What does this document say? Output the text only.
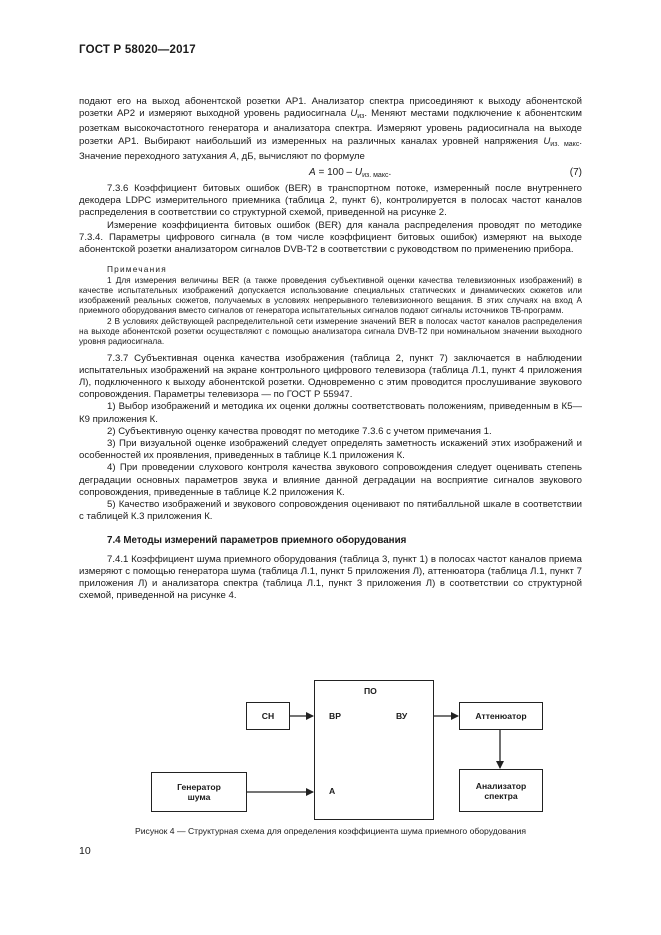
ГОСТ Р 58020—2017

подают его на выход абонентской розетки АР1. Анализатор спектра присоединяют к выходу абонентской розетки АР2 и измеряют выходной уровень радиосигнала $U_{из}$. Меняют местами подключение к абонентским розеткам высокочастотного генератора и анализатора спектра. Измеряют уровень радиосигнала на выходе розетки АР1. Выбирают наибольший из измеренных на различных каналах уровней напряжения $U_{из. макс}$. Значение переходного затухания А, дБ, вычисляют по формуле

$А = 100 - U_{из. макс}$.	(7)

7.3.6 Коэффициент битовых ошибок (BER) в транспортном потоке, измеренный после внутреннего декодера LDPC измерительного приемника (таблица 2, пункт 6), контролируется в полосах частот каналов распределения в соответствии со структурной схемой, приведенной на рисунке 2.

Измерение коэффициента битовых ошибок (BER) для канала распределения проводят по методике 7.3.4. Параметры цифрового сигнала (в том числе коэффициент битовых ошибок) измеряют на выходе абонентской розетки анализатором сигналов DVB-T2 в соответствии с руководством по применению прибора.

Примечания

1 Для измерения величины BER (а также проведения субъективной оценки качества телевизионных изображений) в качестве испытательных изображений допускается использование специальных статических и динамических сюжетов или изображений реальных сюжетов, получаемых в условиях непрерывного телевизионного вещания. В этих случаях на вход А приемного оборудования вместо сигналов от генератора испытательных сигналов подают сигналы источников ТВ-программ.

2 В условиях действующей распределительной сети измерение значений BER в полосах частот каналов распределения на выходе абонентской розетки осуществляют с помощью анализатора сигнала DVB-T2 при номинальном значении выходного уровня радиосигнала.

7.3.7 Субъективная оценка качества изображения (таблица 2, пункт 7) заключается в наблюдении испытательных изображений на экране контрольного цифрового телевизора (таблица Л.1, пункт 4 приложения Л), подключенного к выходу абонентской розетки. Одновременно с этим проводится прослушивание звукового сопровождения. Параметры телевизора — по ГОСТ Р 55947.

1) Выбор изображений и методика их оценки должны соответствовать положениям, приведенным в К5—К9 приложения К.

2) Субъективную оценку качества проводят по методике 7.3.6 с учетом примечания 1.

3) При визуальной оценке изображений следует определять заметность искажений этих изображений и особенностей их проявления, приведенных в таблице К.1 приложения К.

4) При проведении слухового контроля качества звукового сопровождения следует оценивать степень деградации основных параметров звука и влияние данной деградации на восприятие сигналов звукового сопровождения, приведенные в таблице К.2 приложения К.

5) Качество изображений и звукового сопровождения оценивают по пятибалльной шкале в соответствии с таблицей К.3 приложения К.

7.4 Методы измерений параметров приемного оборудования

7.4.1 Коэффициент шума приемного оборудования (таблица 3, пункт 1) в полосах частот каналов приема измеряют с помощью генератора шума (таблица Л.1, пункт 5 приложения Л), аттенюатора (таблица Л.1, пункт 7 приложения Л) и анализатора спектра (таблица Л.1, пункт 3 приложения Л) в соответствии со структурной схемой, приведенной на рисунке 4.

ПО
ВР	ВУ
А
СН
Генератор
шума
Аттенюатор
Анализатор
спектра
Рисунок 4 — Структурная схема для определения коэффициента шума приемного оборудования
10
